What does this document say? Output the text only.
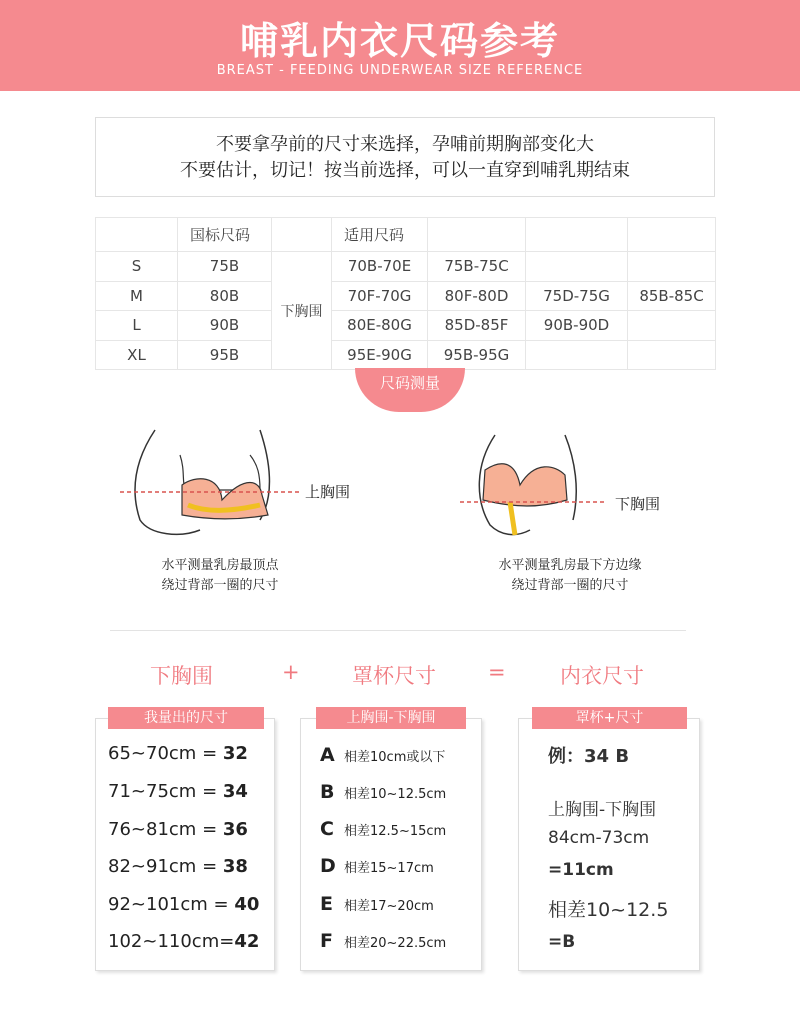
哺乳内衣尺码参考
BREAST - FEEDING UNDERWEAR SIZE REFERENCE
不要拿孕前的尺寸来选择，孕哺前期胸部变化大
不要估计，切记！按当前选择，可以一直穿到哺乳期结束
	国标尺码		适用尺码			
S	75B	下胸围	70B-70E	75B-75C		
M	80B		70F-70G	80F-80D	75D-75G	85B-85C
L	90B		80E-80G	85D-85F	90B-90D	
XL	95B		95E-90G	95B-95G		
尺码测量
上胸围
水平测量乳房最顶点
绕过背部一圈的尺寸
下胸围
水平测量乳房最下方边缘
绕过背部一圈的尺寸
下胸围	+ 罩杯尺寸 =	内衣尺寸
我量出的尺寸
65~70cm = 32
71~75cm = 34
76~81cm = 36
82~91cm = 38
92~101cm = 40
102~110cm=42
上胸围-下胸围
A 相差10cm或以下
B 相差10~12.5cm
C 相差12.5~15cm
D 相差15~17cm
E 相差17~20cm
F 相差20~22.5cm
罩杯+尺寸
例：34 B
上胸围-下胸围
84cm-73cm
=11cm
相差10~12.5
=B
